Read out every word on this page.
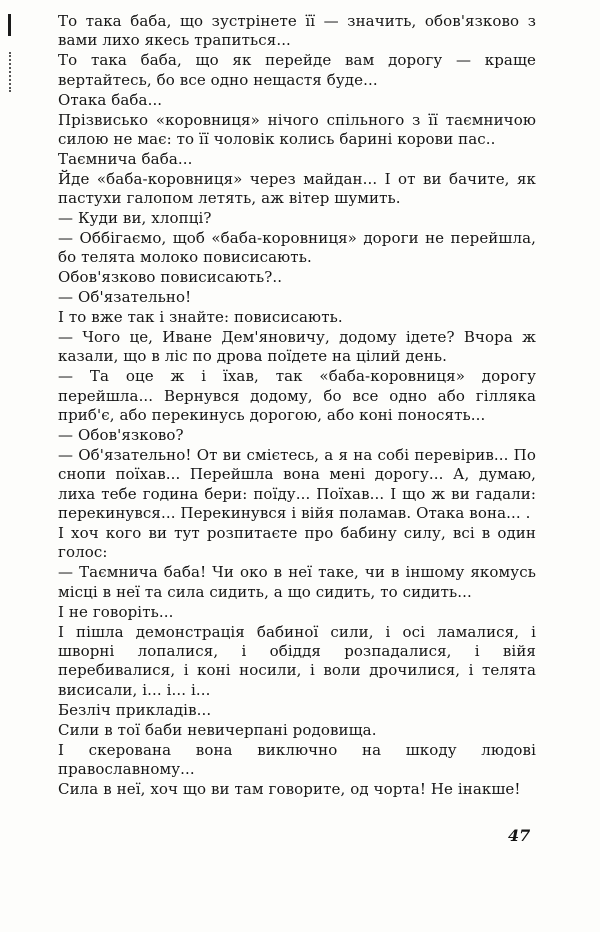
То така баба, що зустрінете її — значить, обов'язково з вами лихо якесь трапиться...

То така баба, що як перейде вам дорогу — краще вертайтесь, бо все одно нещастя буде...

Отака баба...

Прізвисько «коровниця» нічого спільного з її таємничою силою не має: то її чоловік колись барині корови пас..

Таємнича баба...

Йде «баба-коровниця» через майдан... І от ви бачите, як пастухи галопом летять, аж вітер шумить.

— Куди ви, хлопці?

— Оббігаємо, щоб «баба-коровниця» дороги не перейшла, бо телята молоко повисисають.

Обов'язково повисисають?..

— Об'язательно!

І то вже так і знайте: повисисають.

— Чого це, Иване Дем'яновичу, додому ідете? Вчора ж казали, що в ліс по дрова поїдете на цілий день.

— Та оце ж і їхав, так «баба-коровниця» дорогу перейшла... Вернувся додому, бо все одно або гілляка приб'є, або перекинусь дорогою, або коні поносять...

— Обов'язково?

— Об'язательно! От ви смієтесь, а я на собі перевірив... По снопи поїхав... Перейшла вона мені дорогу... А, думаю, лиха тебе година бери: поїду... Поїхав... І що ж ви гадали: перекинувся... Перекинувся і війя поламав. Отака вона... .

І хоч кого ви тут розпитаєте про бабину силу, всі в один голос:

— Таємнича баба! Чи око в неї таке, чи в іншому якомусь місці в неї та сила сидить, а що сидить, то сидить...

І не говоріть...

І пішла демонстрація бабиної сили, і осі ламалися, і шворні лопалися, і обіддя розпадалися, і війя перебивалися, і коні носили, і воли дрочилися, і телята висисали, і... і... і...

Безліч прикладів...

Сили в тої баби невичерпані родовища.

І скерована вона виключно на шкоду людові православному...

Сила в неї, хоч що ви там говорите, од чорта! Не інакше!

47
